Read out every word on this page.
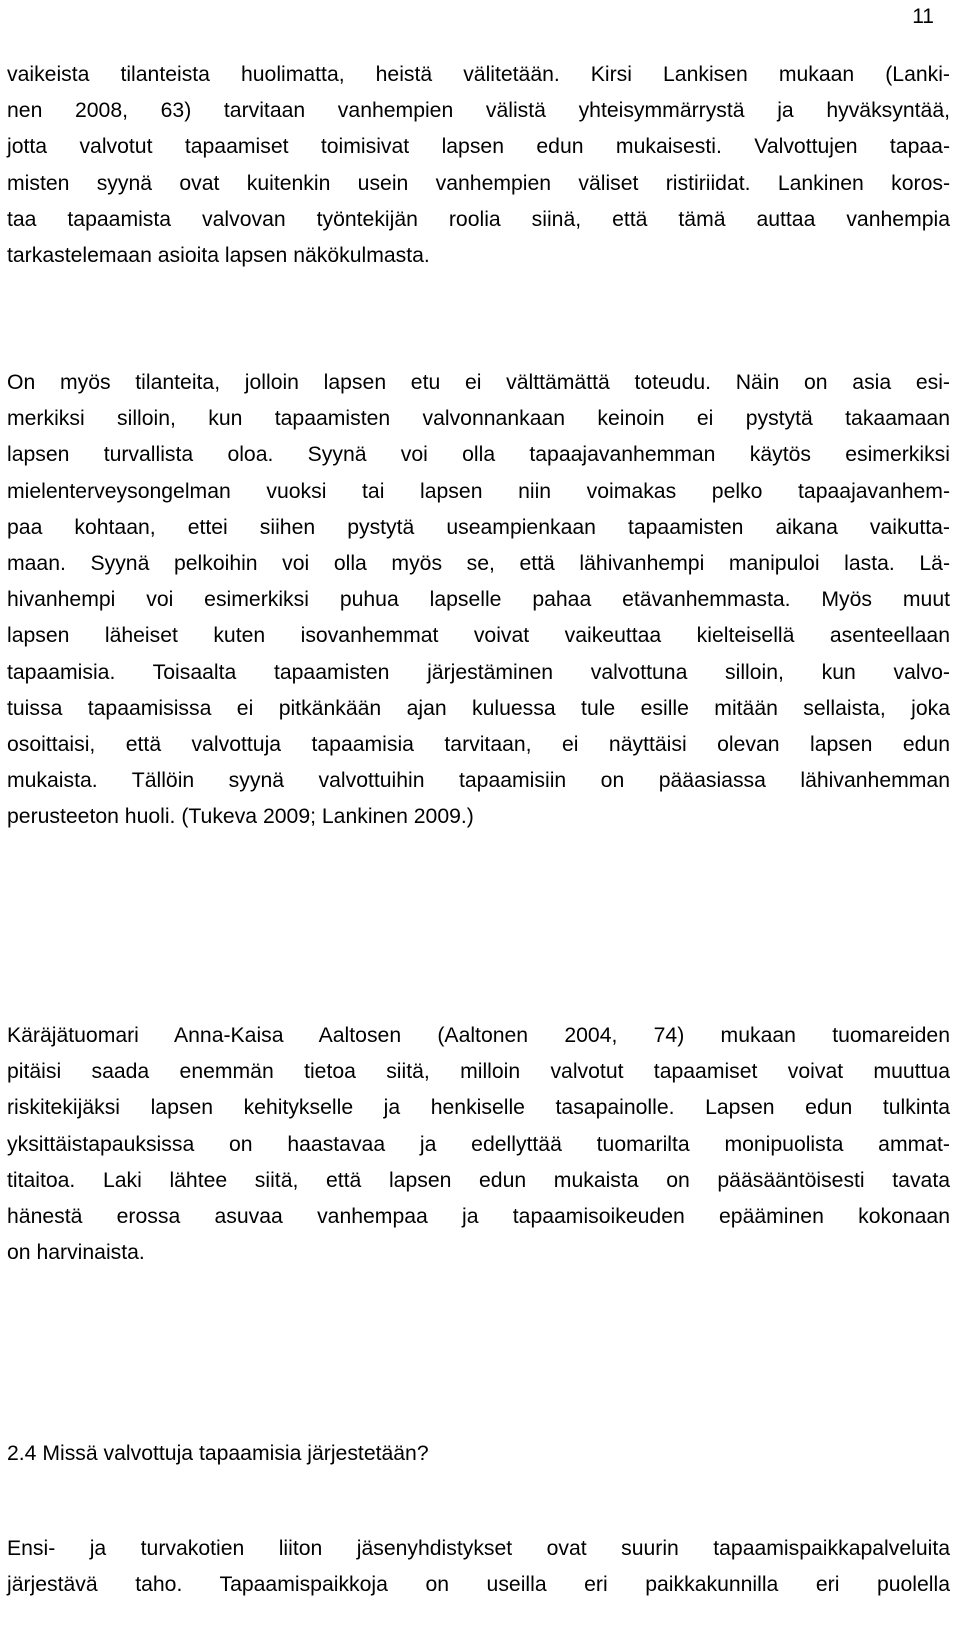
11
vaikeista tilanteista huolimatta, heistä välitetään. Kirsi Lankisen mukaan (Lanki-
nen 2008, 63) tarvitaan vanhempien välistä yhteisymmärrystä ja hyväksyntää,
jotta valvotut tapaamiset toimisivat lapsen edun mukaisesti. Valvottujen tapaa-
misten syynä ovat kuitenkin usein vanhempien väliset ristiriidat. Lankinen koros-
taa tapaamista valvovan työntekijän roolia siinä, että tämä auttaa vanhempia
tarkastelemaan asioita lapsen näkökulmasta.
On myös tilanteita, jolloin lapsen etu ei välttämättä toteudu. Näin on asia esi-
merkiksi silloin, kun tapaamisten valvonnankaan keinoin ei pystytä takaamaan
lapsen turvallista oloa. Syynä voi olla tapaajavanhemman käytös esimerkiksi
mielenterveysongelman vuoksi tai lapsen niin voimakas pelko tapaajavanhem-
paa kohtaan, ettei siihen pystytä useampienkaan tapaamisten aikana vaikutta-
maan. Syynä pelkoihin voi olla myös se, että lähivanhempi manipuloi lasta. Lä-
hivanhempi voi esimerkiksi puhua lapselle pahaa etävanhemmasta. Myös muut
lapsen läheiset kuten isovanhemmat voivat vaikeuttaa kielteisellä asenteellaan
tapaamisia. Toisaalta tapaamisten järjestäminen valvottuna silloin, kun valvo-
tuissa tapaamisissa ei pitkänkään ajan kuluessa tule esille mitään sellaista, joka
osoittaisi, että valvottuja tapaamisia tarvitaan, ei näyttäisi olevan lapsen edun
mukaista. Tällöin syynä valvottuihin tapaamisiin on pääasiassa lähivanhemman
perusteeton huoli. (Tukeva 2009; Lankinen 2009.)
Käräjätuomari Anna-Kaisa Aaltosen (Aaltonen 2004, 74) mukaan tuomareiden
pitäisi saada enemmän tietoa siitä, milloin valvotut tapaamiset voivat muuttua
riskitekijäksi lapsen kehitykselle ja henkiselle tasapainolle. Lapsen edun tulkinta
yksittäistapauksissa on haastavaa ja edellyttää tuomarilta monipuolista ammat-
titaitoa. Laki lähtee siitä, että lapsen edun mukaista on pääsääntöisesti tavata
hänestä erossa asuvaa vanhempaa ja tapaamisoikeuden epääminen kokonaan
on harvinaista.
2.4 Missä valvottuja tapaamisia järjestetään?
Ensi- ja turvakotien liiton jäsenyhdistykset ovat suurin tapaamispaikkapalveluita
järjestävä taho. Tapaamispaikkoja on useilla eri paikkakunnilla eri puolella
